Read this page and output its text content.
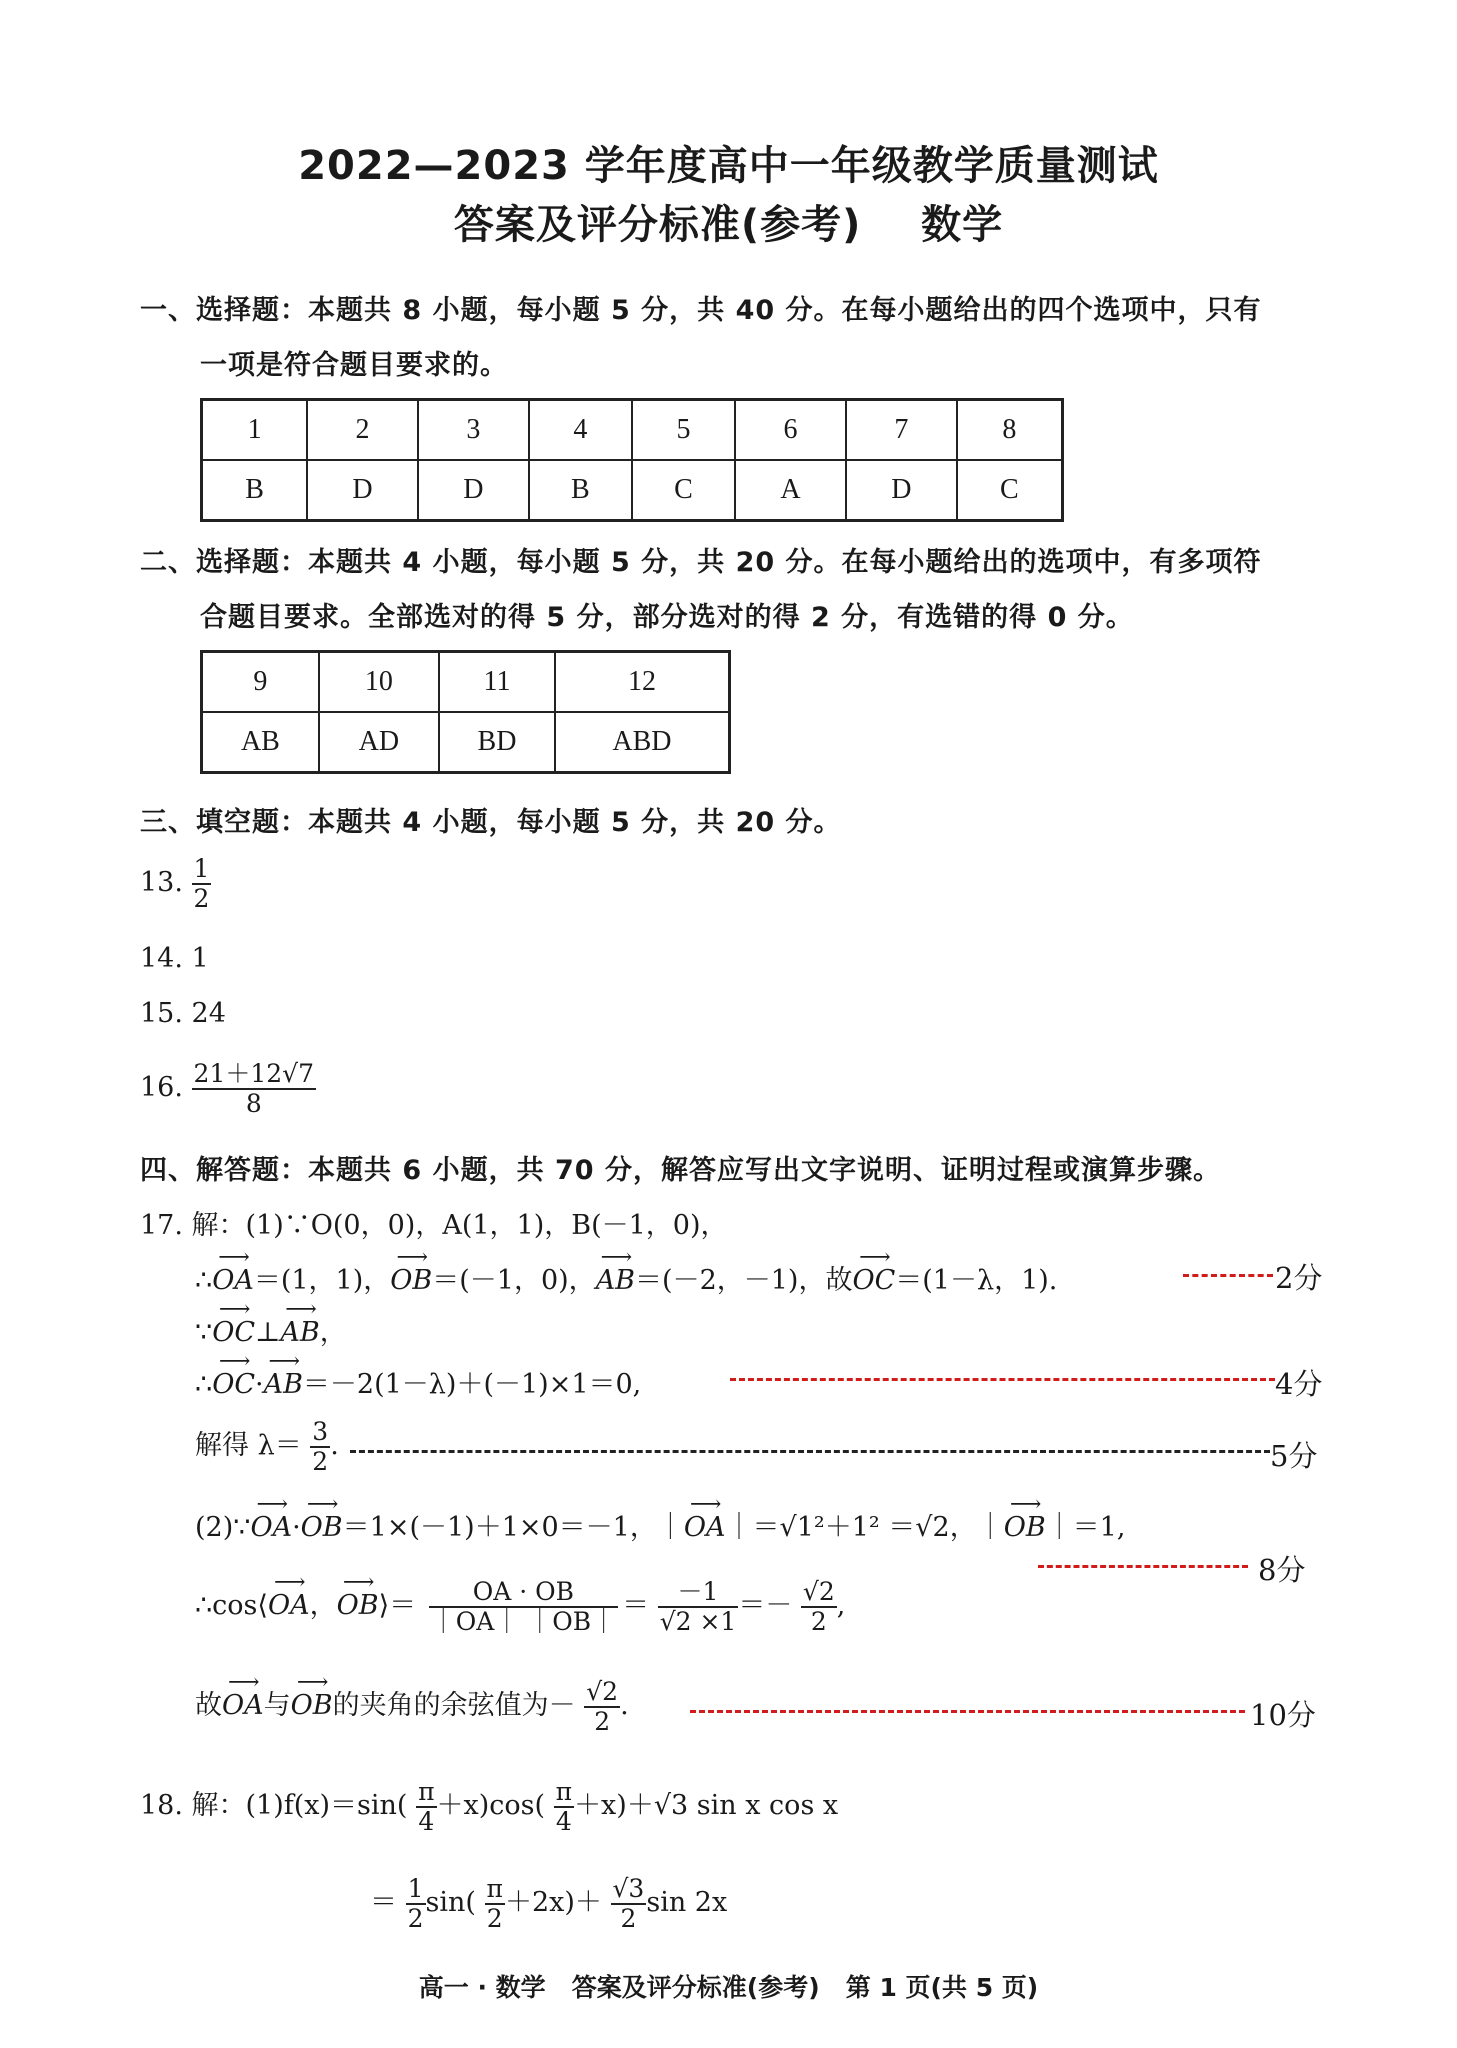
2022—2023 学年度高中一年级教学质量测试
答案及评分标准(参考)    数学
一、选择题：本题共 8 小题，每小题 5 分，共 40 分。在每小题给出的四个选项中，只有
一项是符合题目要求的。
1	2	3	4	5	6	7	8
B	D	D	B	C	A	D	C
二、选择题：本题共 4 小题，每小题 5 分，共 20 分。在每小题给出的选项中，有多项符
合题目要求。全部选对的得 5 分，部分选对的得 2 分，有选错的得 0 分。
9	10	11	12
AB	AD	BD	ABD
三、填空题：本题共 4 小题，每小题 5 分，共 20 分。
13. $\frac{1}{2}$
14. 1
15. 24
16. $\frac{21+12√7}{8}$
四、解答题：本题共 6 小题，共 70 分，解答应写出文字说明、证明过程或演算步骤。
17. 解：(1)∵O(0，0)，A(1，1)，B(－1，0)，
∴⟶ OA＝(1，1)，⟶ OB＝(－1，0)，⟶ AB＝(－2，－1)，故⟶ OC＝(1－λ，1).	2分
∵⟶ OC⊥⟶ AB，
∴⟶ OC·⟶ AB＝－2(1－λ)＋(－1)×1＝0,	4分
解得 $\lambda= \frac{3}{2}$ .	5分
(2)∵⟶ OA·⟶ OB＝1×(－1)＋1×0＝－1，｜⟶ OA｜＝√1²＋1² ＝√2，｜⟶ OB｜＝1,
8分
∴cos⟨⟶ OA，⟶ OB⟩＝ $\frac{OA \cdot OB}{|OA| |OB|} = \frac{-1}{√2 \times 1} =- \frac{√2}{2}$ ,
故⟶ OA与⟶ OB的夹角的余弦值为－ $\frac{√2}{2}$ .	10分
18. 解：$(1)f(x)=\sin( \frac{\pi}{4} +x)\cos( \frac{\pi}{4} +x)+√3$ sin x cos x
＝ $\frac{1}{2} \sin( \frac{\pi}{2} +2x)+ \frac{√3}{2}$ sin 2x
高一 · 数学   答案及评分标准(参考)   第 1 页(共 5 页)
